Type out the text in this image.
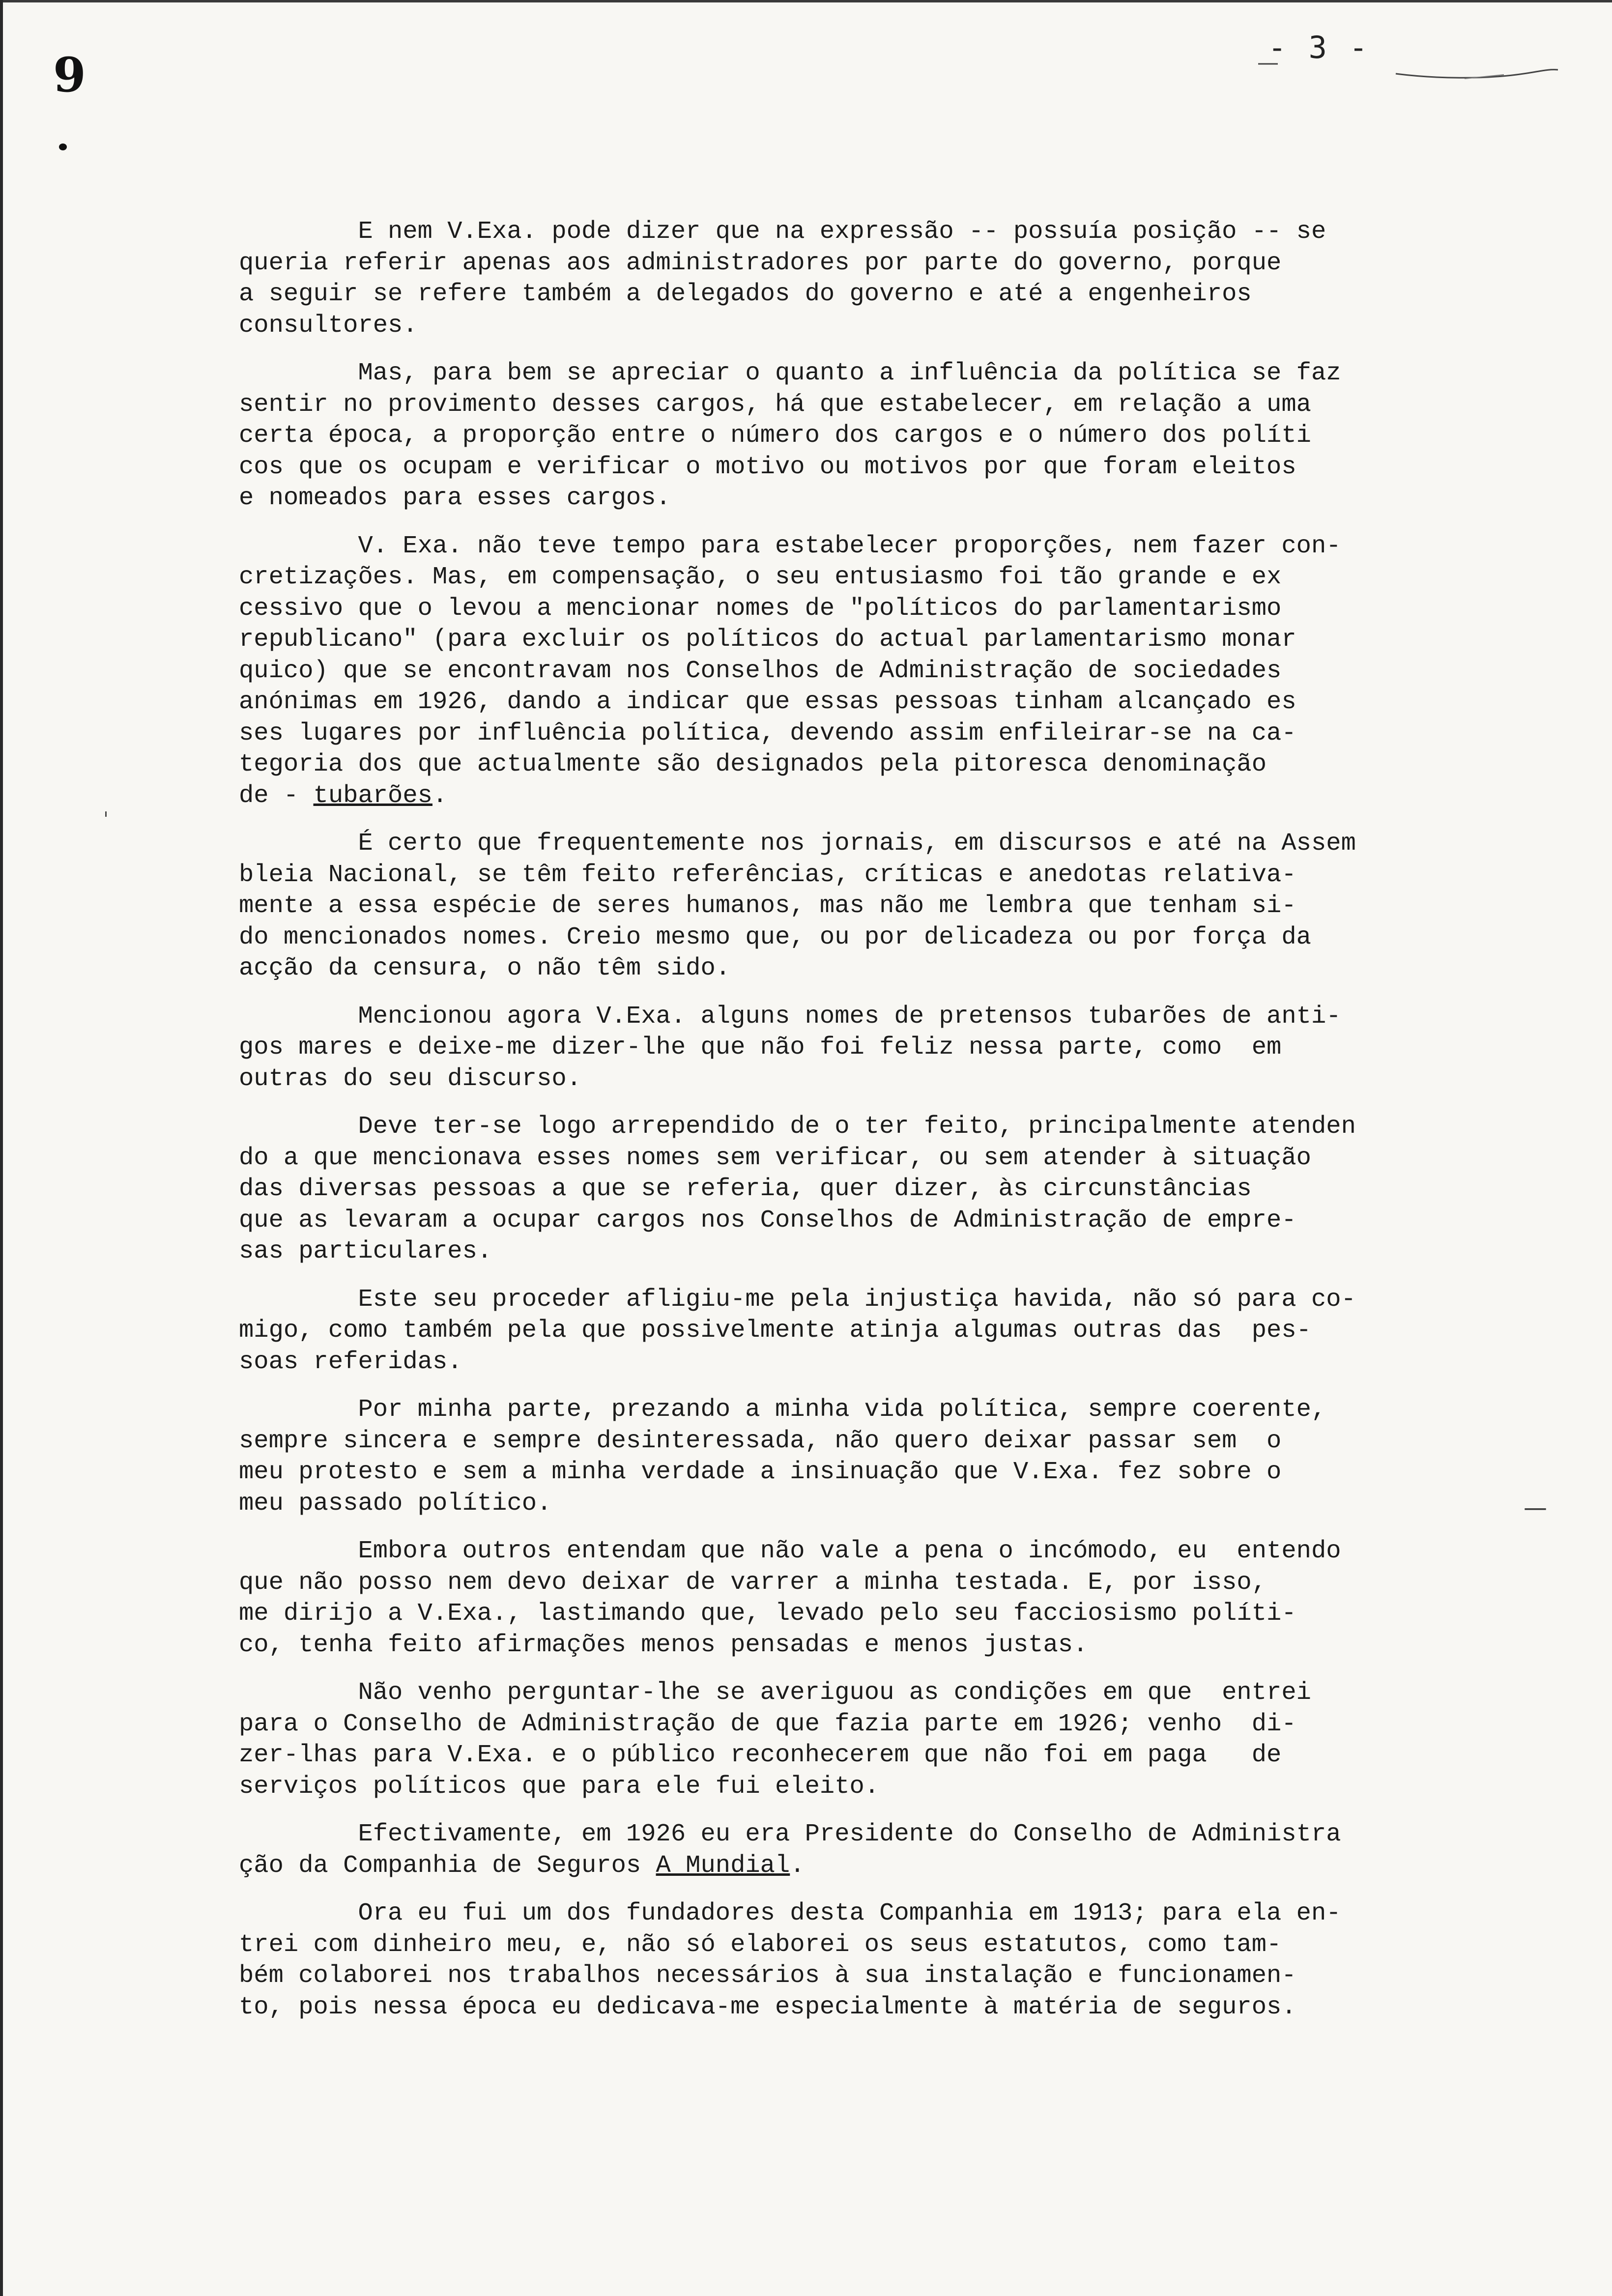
9	- 3 -
ˌ
—
E nem V.Exa. pode dizer que na expressão -- possuía posição -- se
queria referir apenas aos administradores por parte do governo, porque
a seguir se refere também a delegados do governo e até a engenheiros
consultores.
Mas, para bem se apreciar o quanto a influência da política se faz
sentir no provimento desses cargos, há que estabelecer, em relação a uma
certa época, a proporção entre o número dos cargos e o número dos políti
cos que os ocupam e verificar o motivo ou motivos por que foram eleitos
e nomeados para esses cargos.
V. Exa. não teve tempo para estabelecer proporções, nem fazer con-
cretizações. Mas, em compensação, o seu entusiasmo foi tão grande e ex
cessivo que o levou a mencionar nomes de "políticos do parlamentarismo
republicano" (para excluir os políticos do actual parlamentarismo monar
quico) que se encontravam nos Conselhos de Administração de sociedades
anónimas em 1926, dando a indicar que essas pessoas tinham alcançado es
ses lugares por influência política, devendo assim enfileirar-se na ca-
tegoria dos que actualmente são designados pela pitoresca denominação
de - tubarões.
É certo que frequentemente nos jornais, em discursos e até na Assem
bleia Nacional, se têm feito referências, críticas e anedotas relativa-
mente a essa espécie de seres humanos, mas não me lembra que tenham si-
do mencionados nomes. Creio mesmo que, ou por delicadeza ou por força da
acção da censura, o não têm sido.
Mencionou agora V.Exa. alguns nomes de pretensos tubarões de anti-
gos mares e deixe-me dizer-lhe que não foi feliz nessa parte, como  em
outras do seu discurso.
Deve ter-se logo arrependido de o ter feito, principalmente atenden
do a que mencionava esses nomes sem verificar, ou sem atender à situação
das diversas pessoas a que se referia, quer dizer, às circunstâncias
que as levaram a ocupar cargos nos Conselhos de Administração de empre-
sas particulares.
Este seu proceder afligiu-me pela injustiça havida, não só para co-
migo, como também pela que possivelmente atinja algumas outras das  pes-
soas referidas.
Por minha parte, prezando a minha vida política, sempre coerente,
sempre sincera e sempre desinteressada, não quero deixar passar sem  o
meu protesto e sem a minha verdade a insinuação que V.Exa. fez sobre o
meu passado político.
Embora outros entendam que não vale a pena o incómodo, eu  entendo
que não posso nem devo deixar de varrer a minha testada. E, por isso,
me dirijo a V.Exa., lastimando que, levado pelo seu facciosismo políti-
co, tenha feito afirmações menos pensadas e menos justas.
Não venho perguntar-lhe se averiguou as condições em que  entrei
para o Conselho de Administração de que fazia parte em 1926; venho  di-
zer-lhas para V.Exa. e o público reconhecerem que não foi em paga   de
serviços políticos que para ele fui eleito.
Efectivamente, em 1926 eu era Presidente do Conselho de Administra
ção da Companhia de Seguros A Mundial.
Ora eu fui um dos fundadores desta Companhia em 1913; para ela en-
trei com dinheiro meu, e, não só elaborei os seus estatutos, como tam-
bém colaborei nos trabalhos necessários à sua instalação e funcionamen-
to, pois nessa época eu dedicava-me especialmente à matéria de seguros.
